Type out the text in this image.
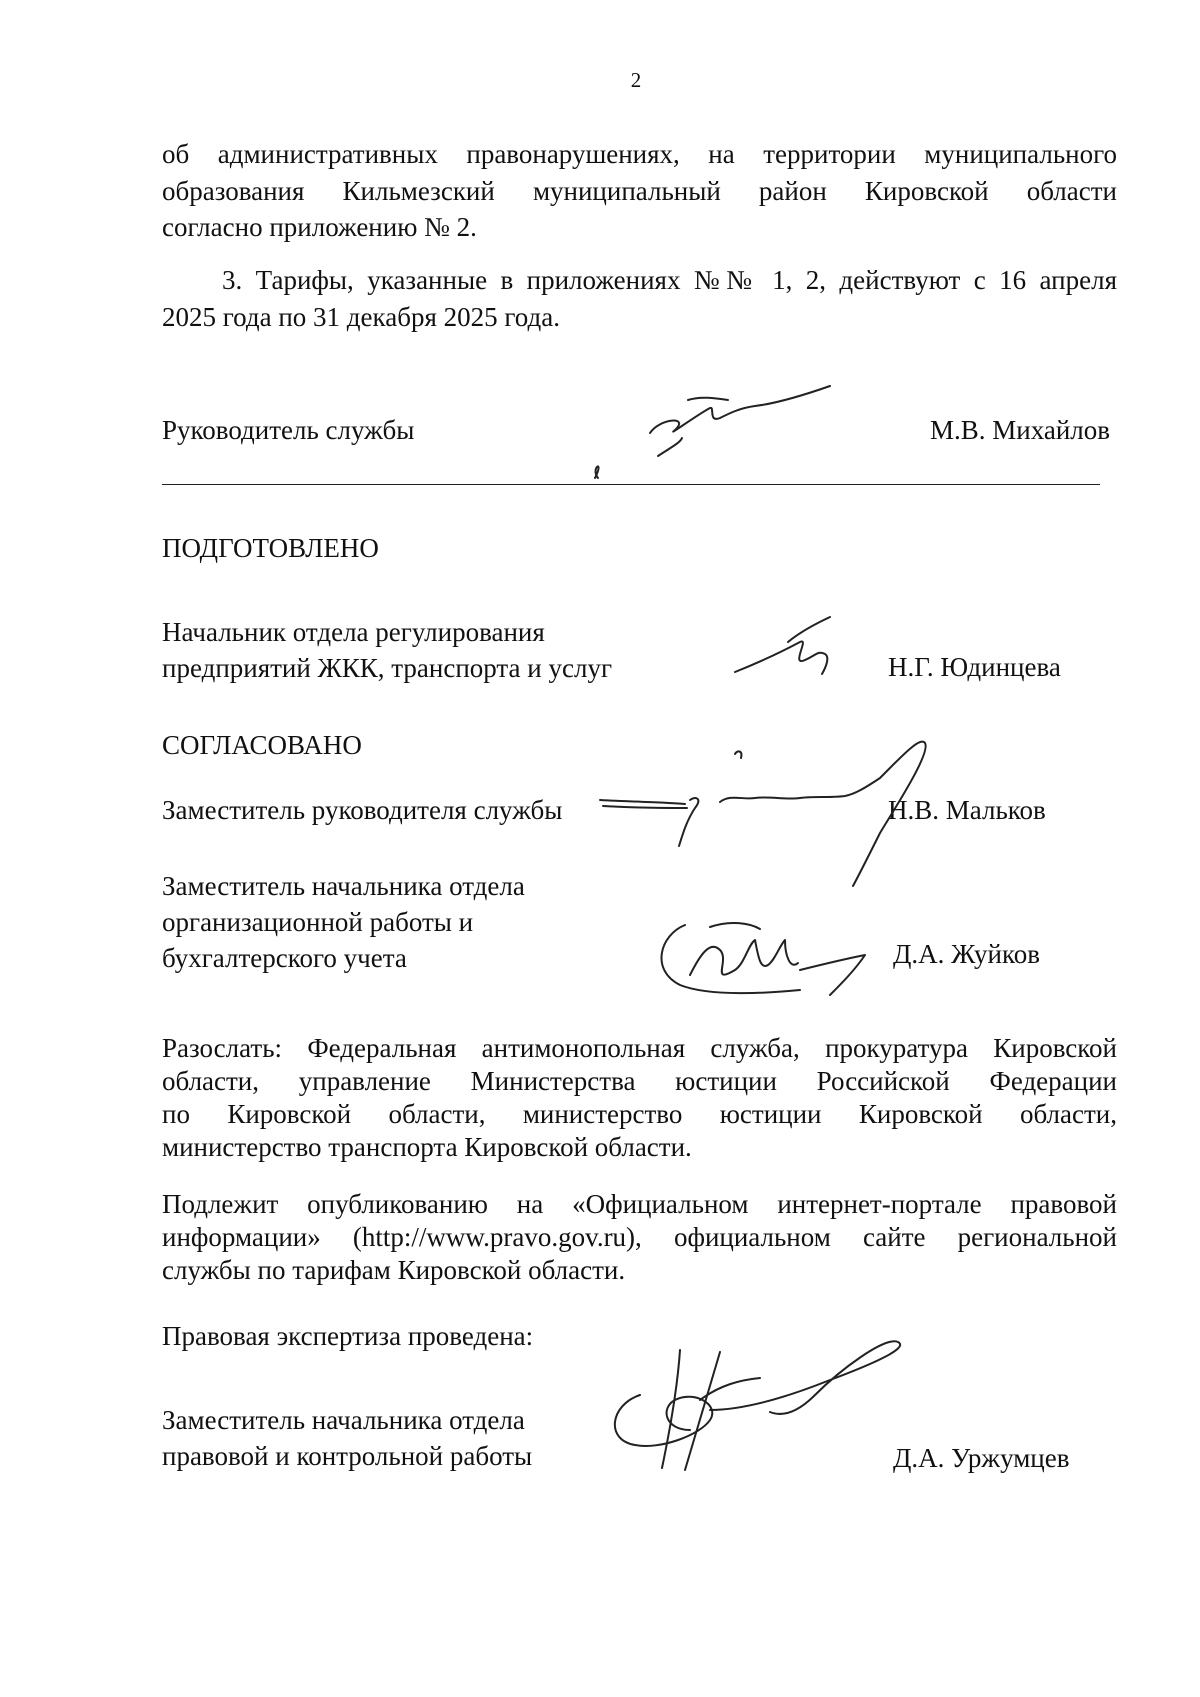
2
об административных правонарушениях, на территории муниципального
образования Кильмезский муниципальный район Кировской области
согласно приложению № 2.
3. Тарифы, указанные в приложениях №№ 1, 2, действуют с 16 апреля
2025 года по 31 декабря 2025 года.
Руководитель службы	М.В. Михайлов
ПОДГОТОВЛЕНО
Начальник отдела регулирования
предприятий ЖКК, транспорта и услуг	Н.Г. Юдинцева
СОГЛАСОВАНО
Заместитель руководителя службы	Н.В. Мальков
Заместитель начальника отдела
организационной работы и
бухгалтерского учета	Д.А. Жуйков
Разослать: Федеральная антимонопольная служба, прокуратура Кировской
области, управление Министерства юстиции Российской Федерации
по Кировской области, министерство юстиции Кировской области,
министерство транспорта Кировской области.
Подлежит опубликованию на «Официальном интернет-портале правовой
информации» (http://www.pravo.gov.ru), официальном сайте региональной
службы по тарифам Кировской области.
Правовая экспертиза проведена:
Заместитель начальника отдела
правовой и контрольной работы	Д.А. Уржумцев
